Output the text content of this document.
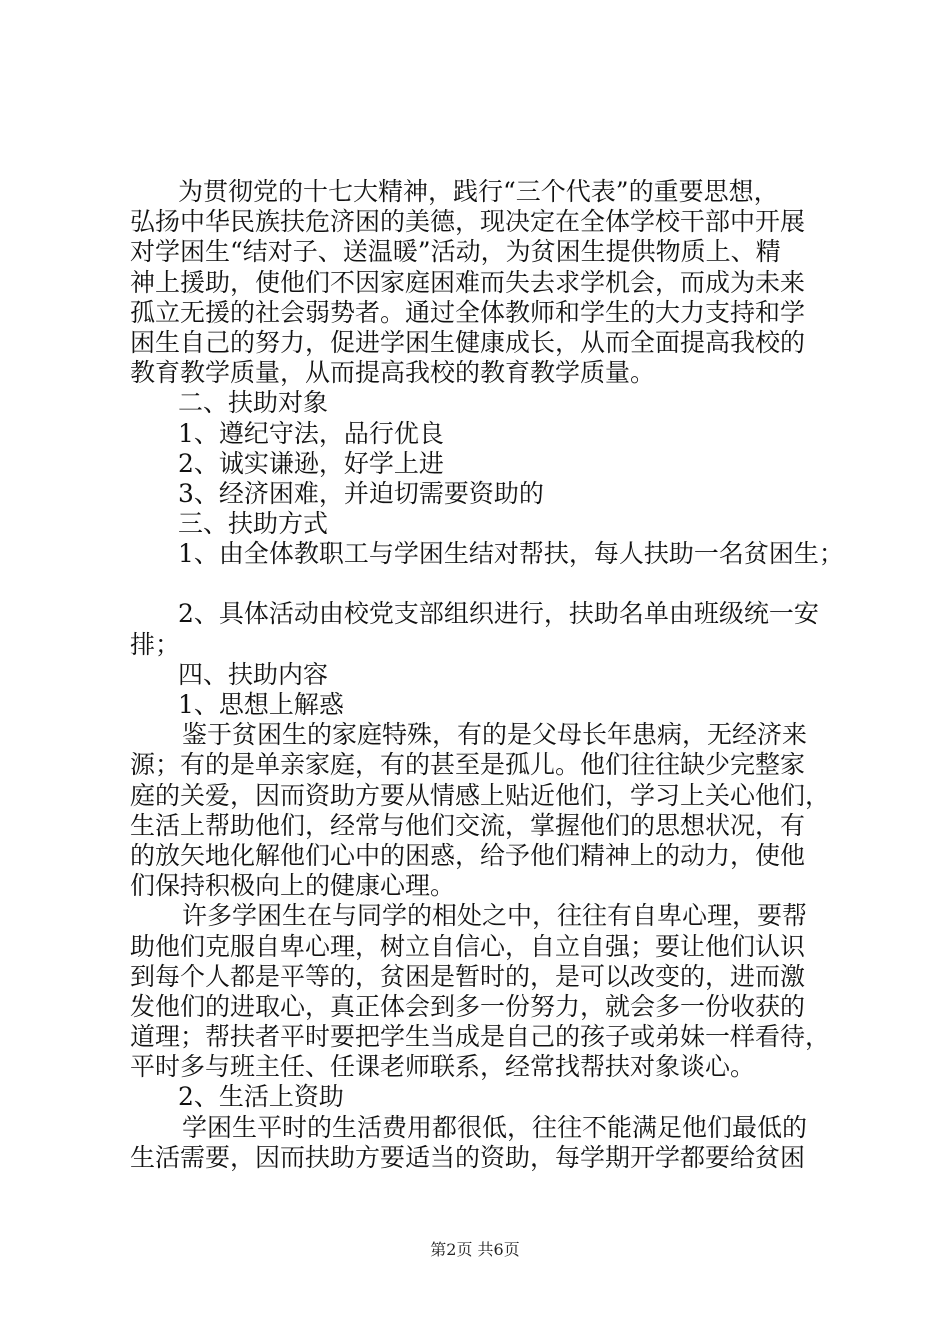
为贯彻党的十七大精神，践行“三个代表”的重要思想，
弘扬中华民族扶危济困的美德，现决定在全体学校干部中开展
对学困生“结对子、送温暖”活动，为贫困生提供物质上、精
神上援助，使他们不因家庭困难而失去求学机会，而成为未来
孤立无援的社会弱势者。通过全体教师和学生的大力支持和学
困生自己的努力，促进学困生健康成长，从而全面提高我校的
教育教学质量，从而提高我校的教育教学质量。
二、扶助对象
1、遵纪守法，品行优良
2、诚实谦逊，好学上进
3、经济困难，并迫切需要资助的
三、扶助方式
1、由全体教职工与学困生结对帮扶，每人扶助一名贫困生；
2、具体活动由校党支部组织进行，扶助名单由班级统一安
排；
四、扶助内容
1、思想上解惑
鉴于贫困生的家庭特殊，有的是父母长年患病，无经济来
源；有的是单亲家庭，有的甚至是孤儿。他们往往缺少完整家
庭的关爱，因而资助方要从情感上贴近他们，学习上关心他们，
生活上帮助他们，经常与他们交流，掌握他们的思想状况，有
的放矢地化解他们心中的困惑，给予他们精神上的动力，使他
们保持积极向上的健康心理。
许多学困生在与同学的相处之中，往往有自卑心理，要帮
助他们克服自卑心理，树立自信心，自立自强；要让他们认识
到每个人都是平等的，贫困是暂时的，是可以改变的，进而激
发他们的进取心，真正体会到多一份努力，就会多一份收获的
道理；帮扶者平时要把学生当成是自己的孩子或弟妹一样看待，
平时多与班主任、任课老师联系，经常找帮扶对象谈心。
2、生活上资助
学困生平时的生活费用都很低，往往不能满足他们最低的
生活需要，因而扶助方要适当的资助，每学期开学都要给贫困
第2页 共6页
